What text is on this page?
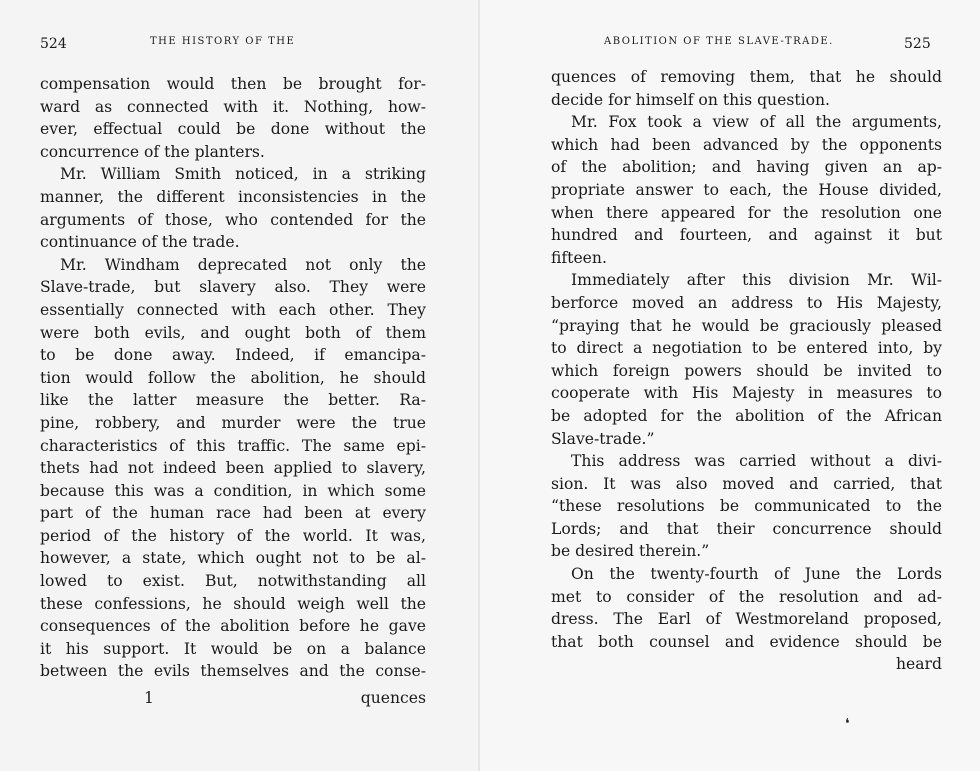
524	THE HISTORY OF THE
compensation would then be brought for-
ward as connected with it. Nothing, how-
ever, effectual could be done without the
concurrence of the planters.
Mr. William Smith noticed, in a striking
manner, the different inconsistencies in the
arguments of those, who contended for the
continuance of the trade.
Mr. Windham deprecated not only the
Slave-trade, but slavery also. They were
essentially connected with each other. They
were both evils, and ought both of them
to be done away. Indeed, if emancipa-
tion would follow the abolition, he should
like the latter measure the better. Ra-
pine, robbery, and murder were the true
characteristics of this traffic. The same epi-
thets had not indeed been applied to slavery,
because this was a condition, in which some
part of the human race had been at every
period of the history of the world. It was,
however, a state, which ought not to be al-
lowed to exist. But, notwithstanding all
these confessions, he should weigh well the
consequences of the abolition before he gave
it his support. It would be on a balance
between the evils themselves and the conse-
1	quences
ABOLITION OF THE SLAVE-TRADE.	525
quences of removing them, that he should
decide for himself on this question.
Mr. Fox took a view of all the arguments,
which had been advanced by the opponents
of the abolition; and having given an ap-
propriate answer to each, the House divided,
when there appeared for the resolution one
hundred and fourteen, and against it but
fifteen.
Immediately after this division Mr. Wil-
berforce moved an address to His Majesty,
“praying that he would be graciously pleased
to direct a negotiation to be entered into, by
which foreign powers should be invited to
cooperate with His Majesty in measures to
be adopted for the abolition of the African
Slave-trade.”
This address was carried without a divi-
sion. It was also moved and carried, that
“these resolutions be communicated to the
Lords; and that their concurrence should
be desired therein.”
On the twenty-fourth of June the Lords
met to consider of the resolution and ad-
dress. The Earl of Westmoreland proposed,
that both counsel and evidence should be
heard
❛
